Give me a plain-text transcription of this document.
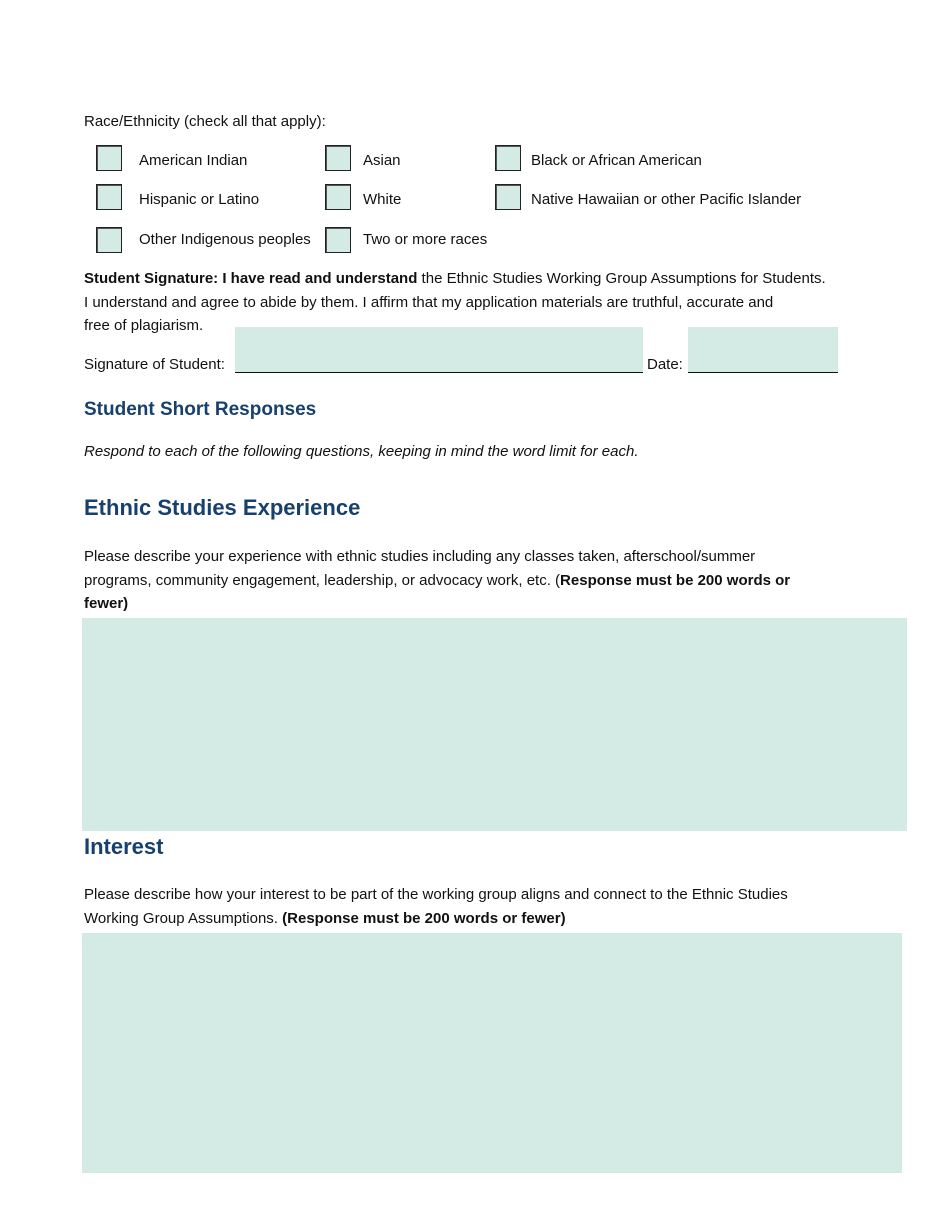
Race/Ethnicity (check all that apply):
American Indian	Asian	Black or African American
Hispanic or Latino	White	Native Hawaiian or other Pacific Islander
Other Indigenous peoples	Two or more races
Student Signature: I have read and understand the Ethnic Studies Working Group Assumptions for Students.
I understand and agree to abide by them. I affirm that my application materials are truthful, accurate and
free of plagiarism.
Signature of Student:	Date:
Student Short Responses
Respond to each of the following questions, keeping in mind the word limit for each.
Ethnic Studies Experience
Please describe your experience with ethnic studies including any classes taken, afterschool/summer
programs, community engagement, leadership, or advocacy work, etc. (Response must be 200 words or
fewer)
Interest
Please describe how your interest to be part of the working group aligns and connect to the Ethnic Studies
Working Group Assumptions. (Response must be 200 words or fewer)
